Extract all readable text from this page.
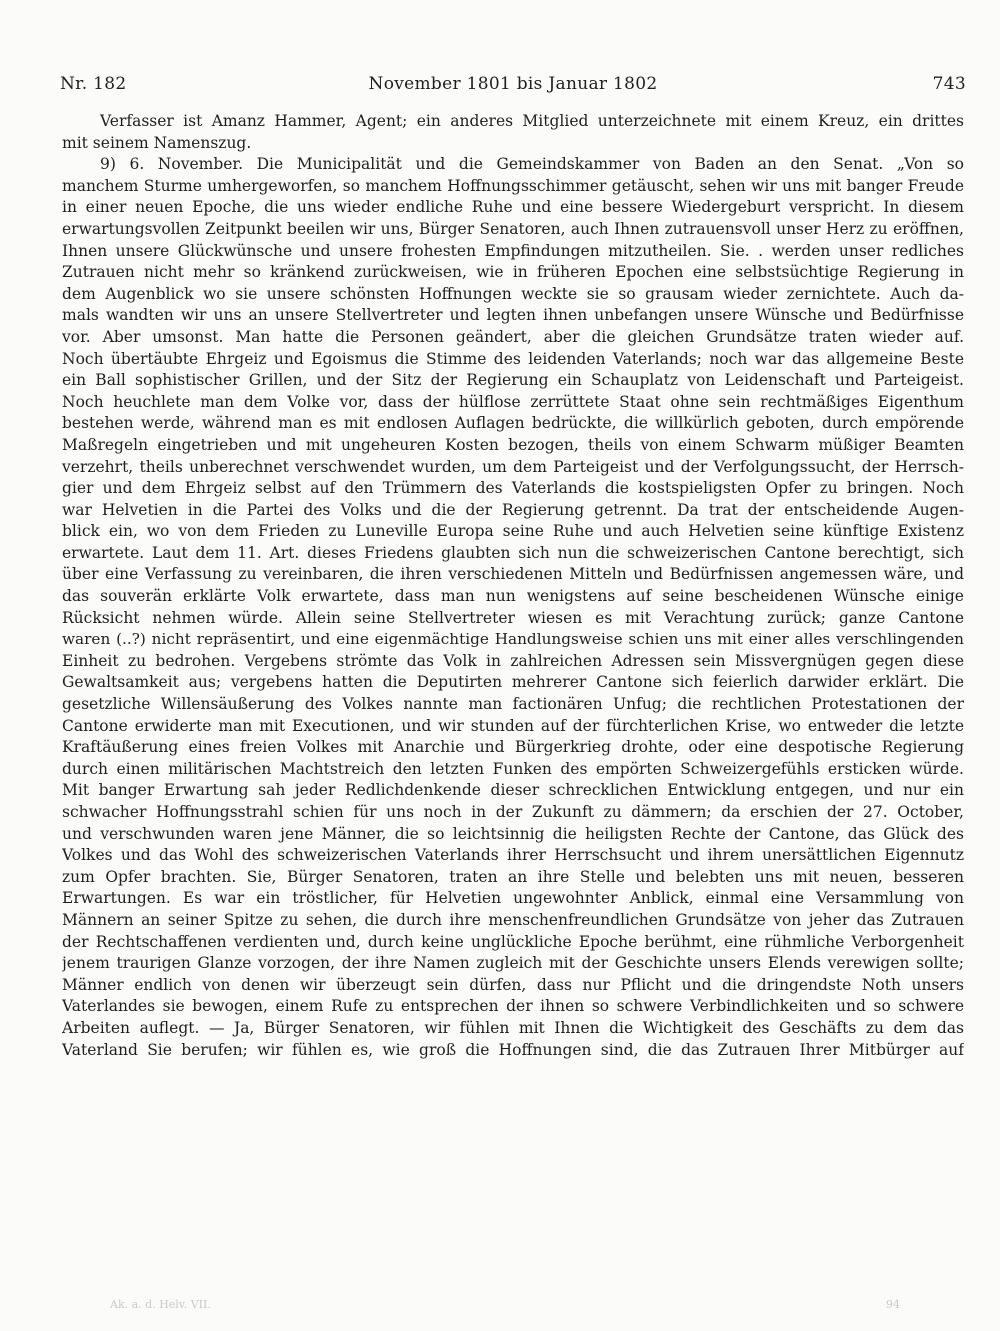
Nr. 182	November 1801 bis Januar 1802	743
Verfasser ist Amanz Hammer, Agent; ein anderes Mitglied unterzeichnete mit einem Kreuz, ein drittes
mit seinem Namenszug.
9) 6. November. Die Municipalität und die Gemeindskammer von Baden an den Senat. „Von so
manchem Sturme umhergeworfen, so manchem Hoffnungsschimmer getäuscht, sehen wir uns mit banger Freude
in einer neuen Epoche, die uns wieder endliche Ruhe und eine bessere Wiedergeburt verspricht. In diesem
erwartungsvollen Zeitpunkt beeilen wir uns, Bürger Senatoren, auch Ihnen zutrauensvoll unser Herz zu eröffnen,
Ihnen unsere Glückwünsche und unsere frohesten Empfindungen mitzutheilen. Sie. . werden unser redliches
Zutrauen nicht mehr so kränkend zurückweisen, wie in früheren Epochen eine selbstsüchtige Regierung in
dem Augenblick wo sie unsere schönsten Hoffnungen weckte sie so grausam wieder zernichtete. Auch da-
mals wandten wir uns an unsere Stellvertreter und legten ihnen unbefangen unsere Wünsche und Bedürfnisse
vor. Aber umsonst. Man hatte die Personen geändert, aber die gleichen Grundsätze traten wieder auf.
Noch übertäubte Ehrgeiz und Egoismus die Stimme des leidenden Vaterlands; noch war das allgemeine Beste
ein Ball sophistischer Grillen, und der Sitz der Regierung ein Schauplatz von Leidenschaft und Parteigeist.
Noch heuchlete man dem Volke vor, dass der hülflose zerrüttete Staat ohne sein rechtmäßiges Eigenthum
bestehen werde, während man es mit endlosen Auflagen bedrückte, die willkürlich geboten, durch empörende
Maßregeln eingetrieben und mit ungeheuren Kosten bezogen, theils von einem Schwarm müßiger Beamten
verzehrt, theils unberechnet verschwendet wurden, um dem Parteigeist und der Verfolgungssucht, der Herrsch-
gier und dem Ehrgeiz selbst auf den Trümmern des Vaterlands die kostspieligsten Opfer zu bringen. Noch
war Helvetien in die Partei des Volks und die der Regierung getrennt. Da trat der entscheidende Augen-
blick ein, wo von dem Frieden zu Luneville Europa seine Ruhe und auch Helvetien seine künftige Existenz
erwartete. Laut dem 11. Art. dieses Friedens glaubten sich nun die schweizerischen Cantone berechtigt, sich
über eine Verfassung zu vereinbaren, die ihren verschiedenen Mitteln und Bedürfnissen angemessen wäre, und
das souverän erklärte Volk erwartete, dass man nun wenigstens auf seine bescheidenen Wünsche einige
Rücksicht nehmen würde. Allein seine Stellvertreter wiesen es mit Verachtung zurück; ganze Cantone
waren (..?) nicht repräsentirt, und eine eigenmächtige Handlungsweise schien uns mit einer alles verschlingenden
Einheit zu bedrohen. Vergebens strömte das Volk in zahlreichen Adressen sein Missvergnügen gegen diese
Gewaltsamkeit aus; vergebens hatten die Deputirten mehrerer Cantone sich feierlich darwider erklärt. Die
gesetzliche Willensäußerung des Volkes nannte man factionären Unfug; die rechtlichen Protestationen der
Cantone erwiderte man mit Executionen, und wir stunden auf der fürchterlichen Krise, wo entweder die letzte
Kraftäußerung eines freien Volkes mit Anarchie und Bürgerkrieg drohte, oder eine despotische Regierung
durch einen militärischen Machtstreich den letzten Funken des empörten Schweizergefühls ersticken würde.
Mit banger Erwartung sah jeder Redlichdenkende dieser schrecklichen Entwicklung entgegen, und nur ein
schwacher Hoffnungsstrahl schien für uns noch in der Zukunft zu dämmern; da erschien der 27. October,
und verschwunden waren jene Männer, die so leichtsinnig die heiligsten Rechte der Cantone, das Glück des
Volkes und das Wohl des schweizerischen Vaterlands ihrer Herrschsucht und ihrem unersättlichen Eigennutz
zum Opfer brachten. Sie, Bürger Senatoren, traten an ihre Stelle und belebten uns mit neuen, besseren
Erwartungen. Es war ein tröstlicher, für Helvetien ungewohnter Anblick, einmal eine Versammlung von
Männern an seiner Spitze zu sehen, die durch ihre menschenfreundlichen Grundsätze von jeher das Zutrauen
der Rechtschaffenen verdienten und, durch keine unglückliche Epoche berühmt, eine rühmliche Verborgenheit
jenem traurigen Glanze vorzogen, der ihre Namen zugleich mit der Geschichte unsers Elends verewigen sollte;
Männer endlich von denen wir überzeugt sein dürfen, dass nur Pflicht und die dringendste Noth unsers
Vaterlandes sie bewogen, einem Rufe zu entsprechen der ihnen so schwere Verbindlichkeiten und so schwere
Arbeiten auflegt. — Ja, Bürger Senatoren, wir fühlen mit Ihnen die Wichtigkeit des Geschäfts zu dem das
Vaterland Sie berufen; wir fühlen es, wie groß die Hoffnungen sind, die das Zutrauen Ihrer Mitbürger auf
Ak. a. d. Helv. VII.	94
